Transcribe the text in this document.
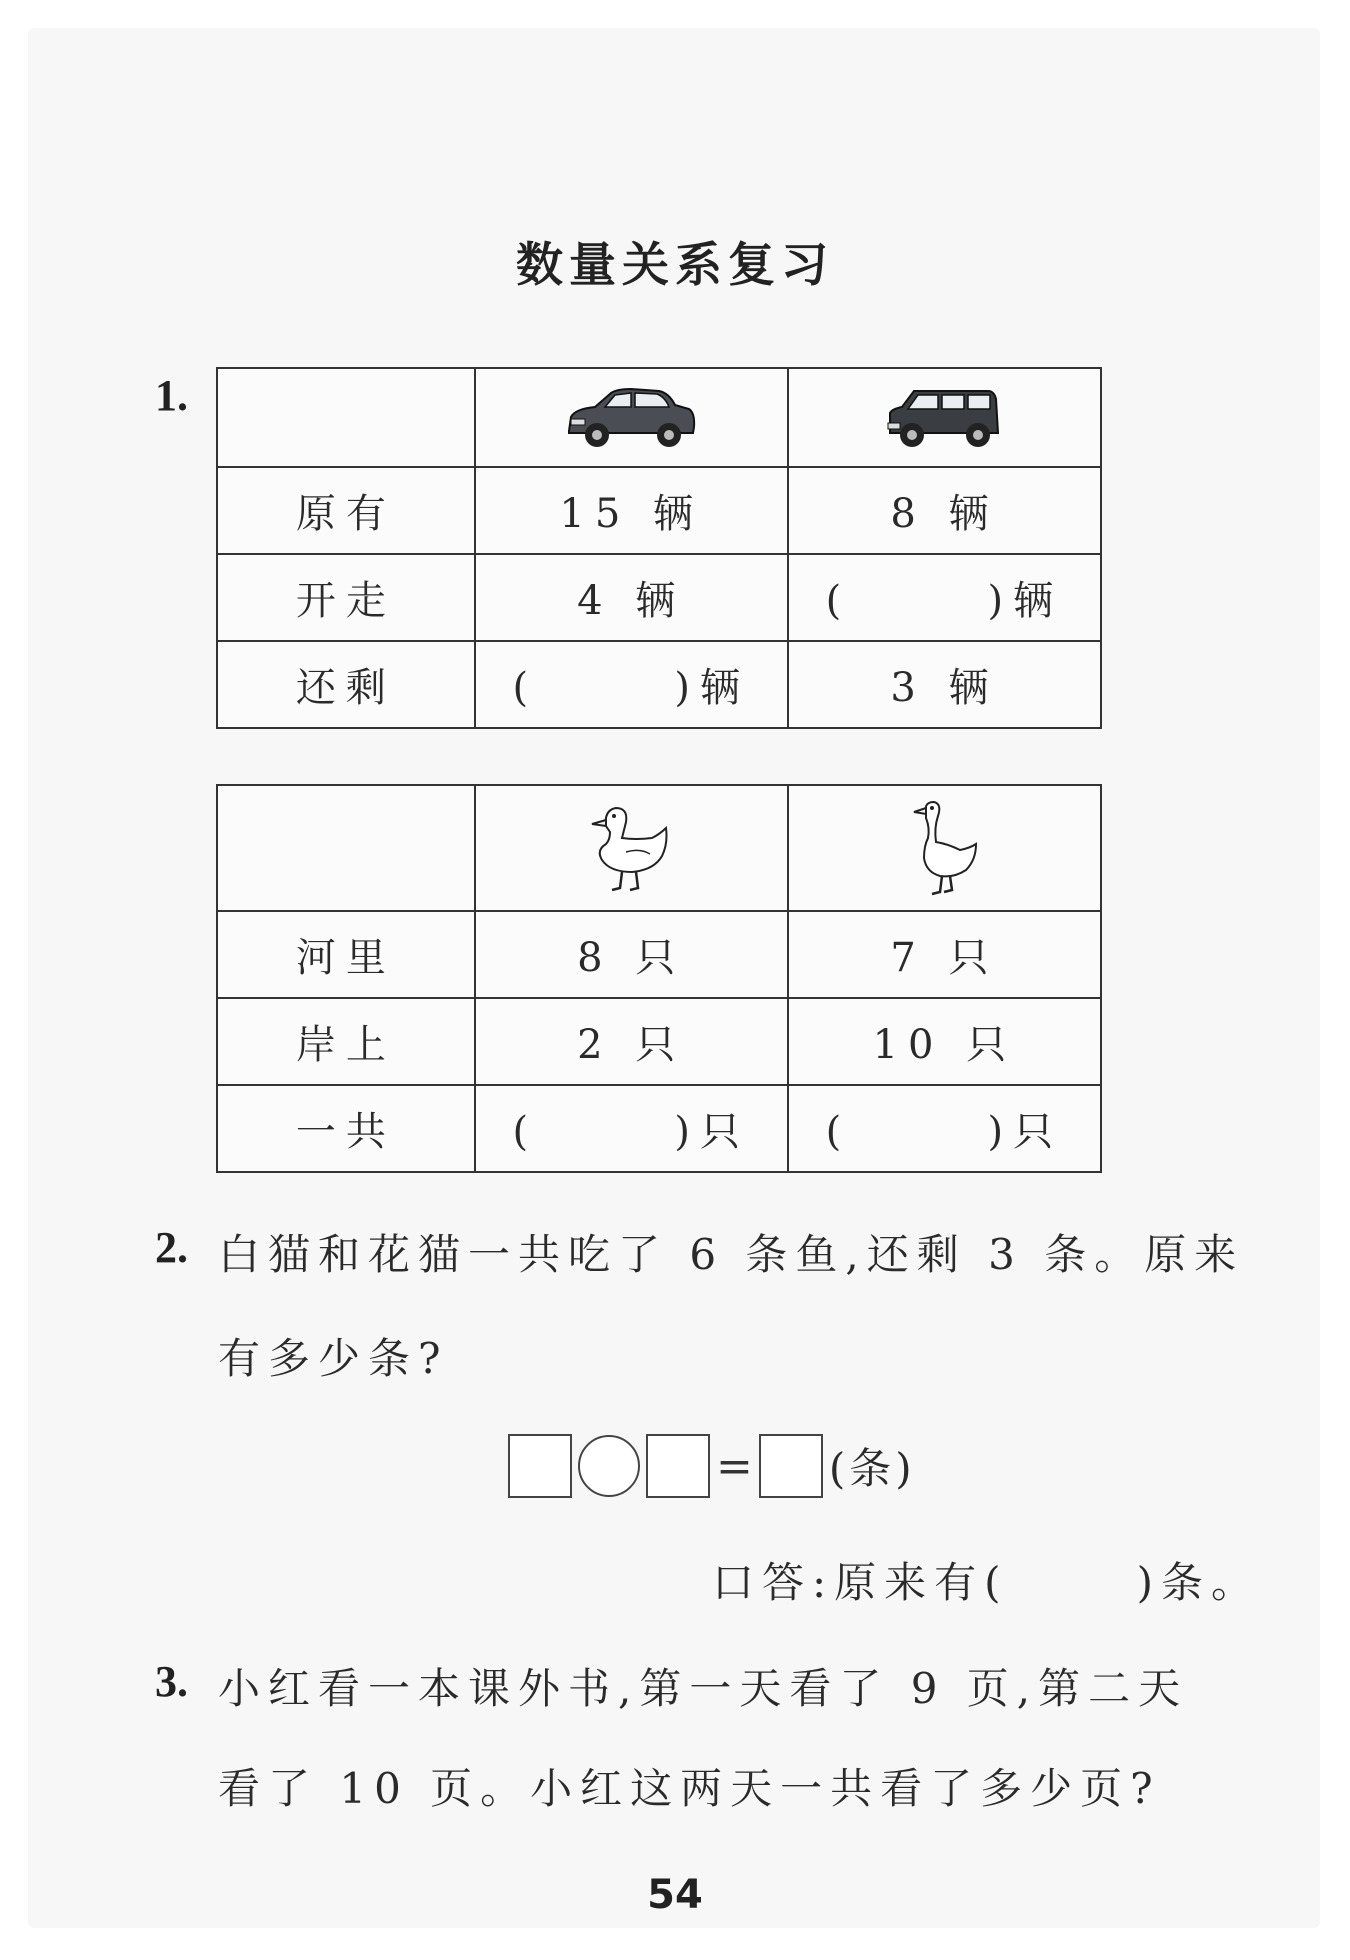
数量关系复习
1.

原有	15 辆	8 辆
开走	4 辆	(      )辆
还剩	(      )辆	3 辆

河里	8 只	7 只
岸上	2 只	10 只
一共	(      )只	(      )只
2. 白猫和花猫一共吃了 6 条鱼,还剩 3 条。原来
有多少条?
= (条)
口答:原来有(      )条。
3. 小红看一本课外书,第一天看了 9 页,第二天
看了 10 页。小红这两天一共看了多少页?
54
